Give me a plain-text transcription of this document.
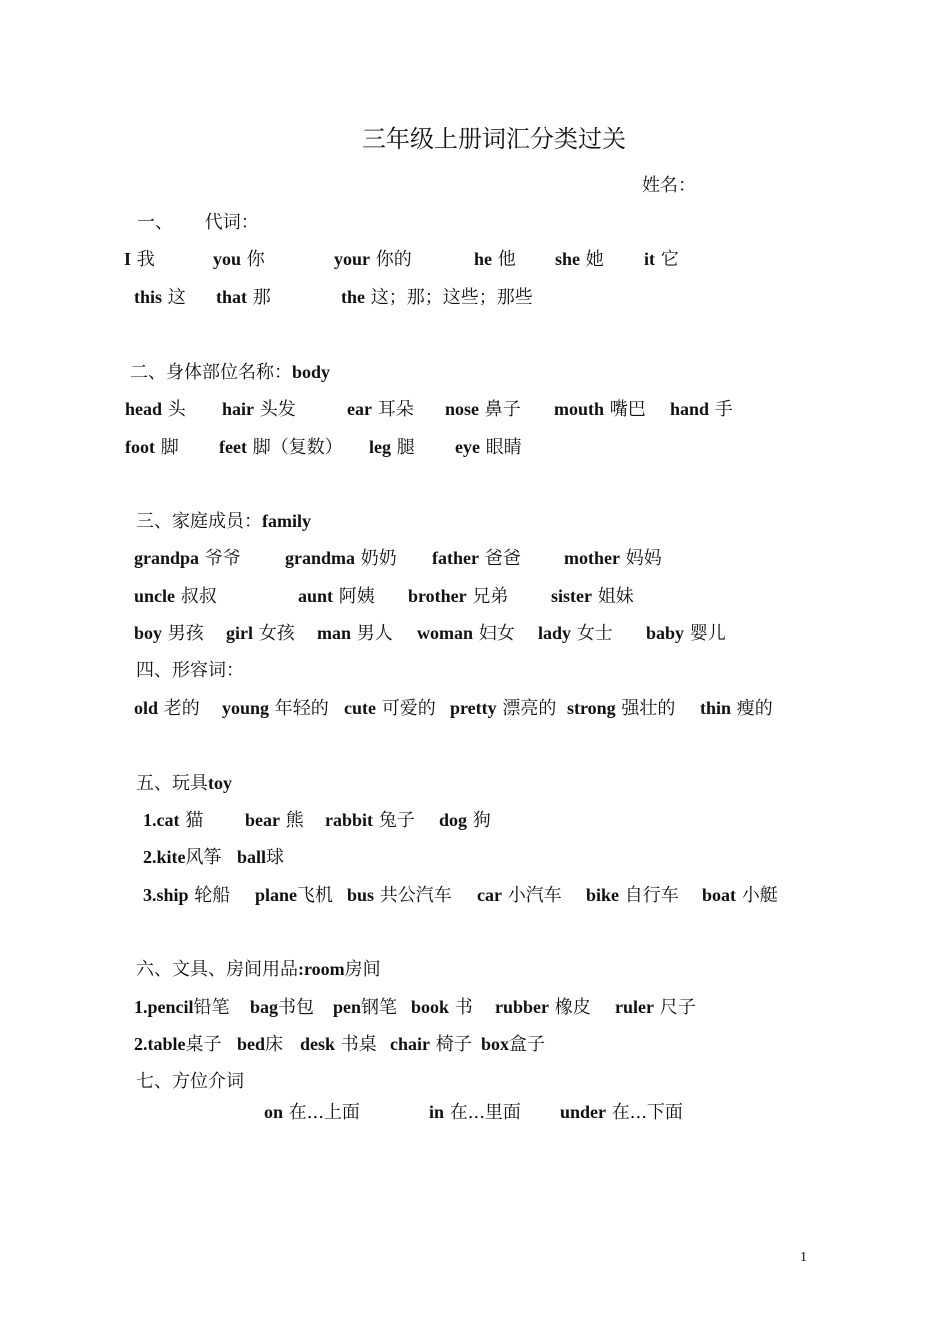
三年级上册词汇分类过关
姓名：
一、 代词：
I 我	you 你	your 你的	he 他 she 她 it 它
this 这 that 那	the 这；那；这些；那些
二、身体部位名称：body
head 头 hair 头发	ear 耳朵 nose 鼻子 mouth 嘴巴 hand 手
foot 脚 feet 脚（复数） leg 腿 eye 眼睛
三、家庭成员：family
grandpa 爷爷 grandma 奶奶 father 爸爸 mother 妈妈
uncle 叔叔	aunt 阿姨 brother 兄弟 sister 姐妹
boy 男孩 girl 女孩 man 男人 woman 妇女 lady 女士 baby 婴儿
四、形容词：
old 老的 young 年轻的 cute 可爱的 pretty 漂亮的 strong 强壮的 thin 瘦的
五、玩具toy
1.cat 猫 bear 熊 rabbit 兔子 dog 狗
2.kite风筝 ball球
3.ship 轮船 plane飞机 bus 共公汽车 car 小汽车 bike 自行车 boat 小艇
六、文具、房间用品:room房间
1.pencil铅笔 bag书包 pen钢笔 book 书 rubber 橡皮 ruler 尺子
2.table桌子 bed床 desk 书桌 chair 椅子 box盒子
七、方位介词
on 在...上面	in 在...里面 under 在...下面
1
